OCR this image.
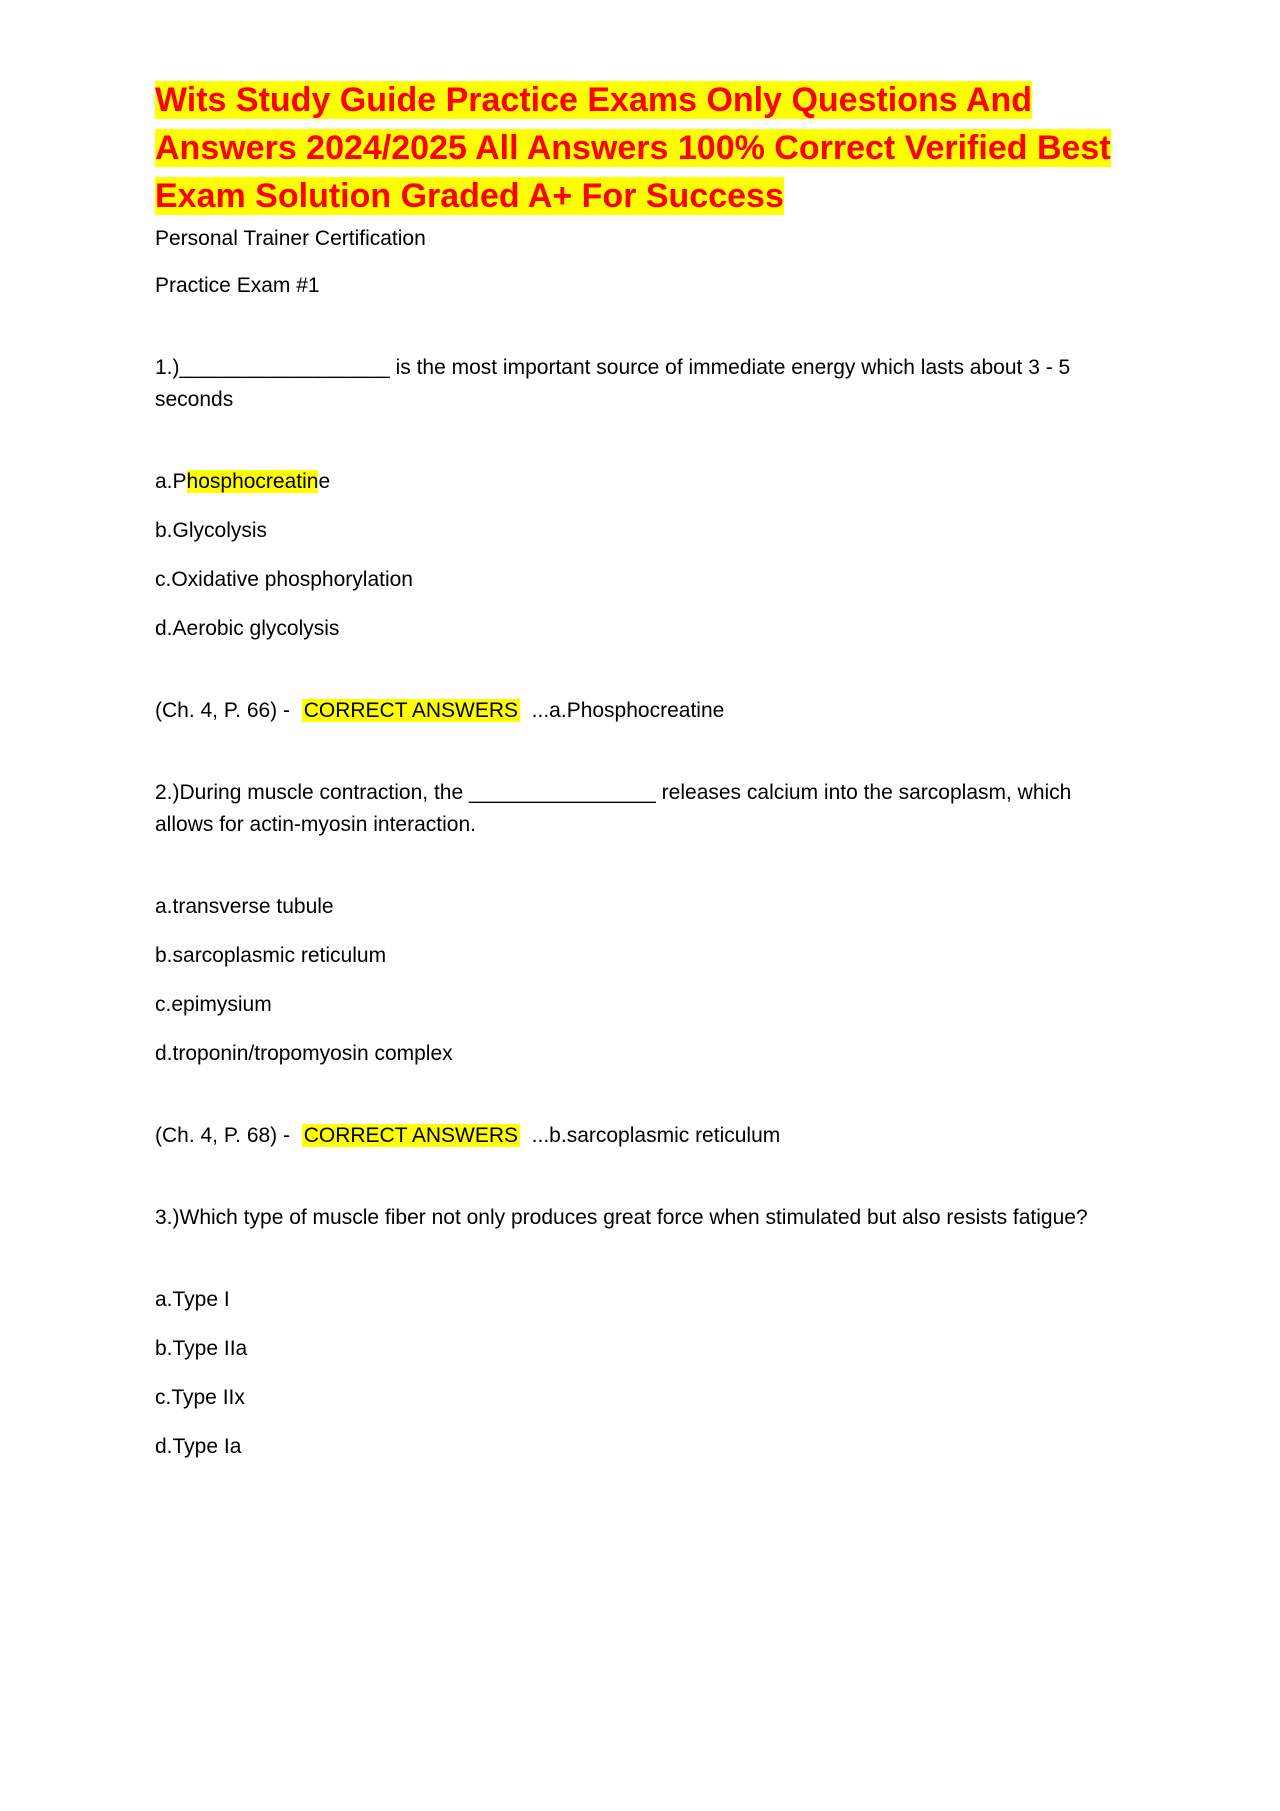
Wits Study Guide Practice Exams Only Questions And
Answers 2024/2025 All Answers 100% Correct Verified Best
Exam Solution Graded A+ For Success

Personal Trainer Certification

Practice Exam #1

1.)__________________ is the most important source of immediate energy which lasts about 3 - 5

seconds

a.Phosphocreatine

b.Glycolysis

c.Oxidative phosphorylation

d.Aerobic glycolysis

(Ch. 4, P. 66) -  CORRECT ANSWERS  ...a.Phosphocreatine

2.)During muscle contraction, the ________________ releases calcium into the sarcoplasm, which

allows for actin-myosin interaction.

a.transverse tubule

b.sarcoplasmic reticulum

c.epimysium

d.troponin/tropomyosin complex

(Ch. 4, P. 68) -  CORRECT ANSWERS  ...b.sarcoplasmic reticulum

3.)Which type of muscle fiber not only produces great force when stimulated but also resists fatigue?

a.Type I

b.Type IIa

c.Type IIx

d.Type Ia
